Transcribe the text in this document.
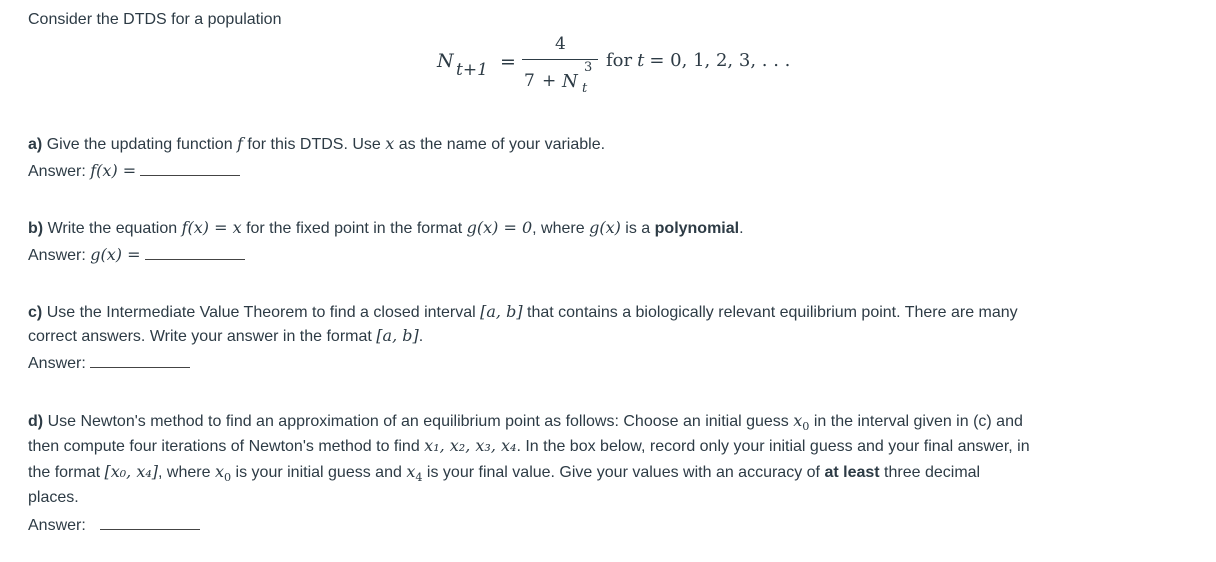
Consider the DTDS for a population
N t+1 =
4
7 + N
3
t
for t = 0, 1, 2, 3, . . .
a) Give the updating function f for this DTDS. Use x as the name of your variable.
Answer: f(x) =
b) Write the equation f(x) = x for the fixed point in the format g(x) = 0, where g(x) is a polynomial.
Answer: g(x) =
c) Use the Intermediate Value Theorem to find a closed interval [a, b] that contains a biologically relevant equilibrium point. There are many
correct answers. Write your answer in the format [a, b].
Answer:
d) Use Newton's method to find an approximation of an equilibrium point as follows: Choose an initial guess $x_0$ in the interval given in (c) and
then compute four iterations of Newton's method to find x₁, x₂, x₃, x₄. In the box below, record only your initial guess and your final answer, in
the format [x₀, x₄], where $x_0$ is your initial guess and $x_4$ is your final value. Give your values with an accuracy of at least three decimal
places.
Answer:
